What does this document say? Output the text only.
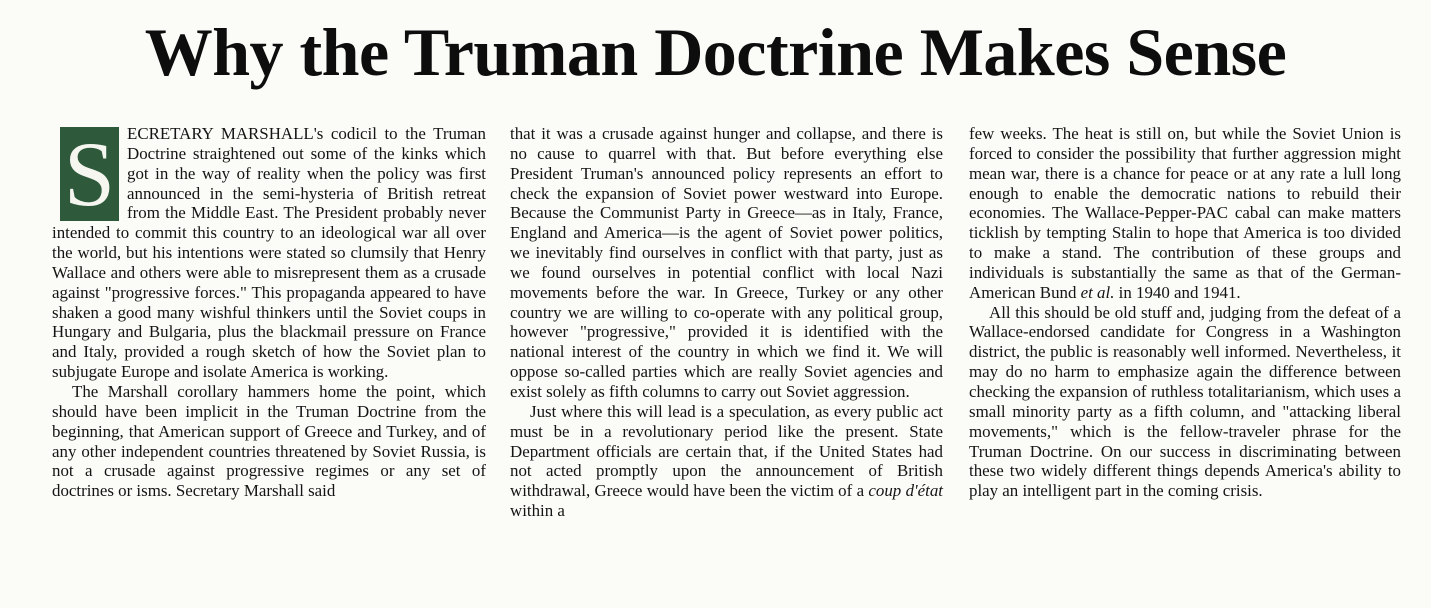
Why the Truman Doctrine Makes Sense

S ECRETARY MARSHALL's codicil to the Truman Doctrine straightened out some of the kinks which got in the way of reality when the policy was first announced in the semi-hysteria of British retreat from the Middle East. The President probably never intended to commit this country to an ideological war all over the world, but his intentions were stated so clumsily that Henry Wallace and others were able to misrepresent them as a crusade against "progressive forces." This propaganda appeared to have shaken a good many wishful thinkers until the Soviet coups in Hungary and Bulgaria, plus the blackmail pressure on France and Italy, provided a rough sketch of how the Soviet plan to subjugate Europe and isolate America is working.

The Marshall corollary hammers home the point, which should have been implicit in the Truman Doctrine from the beginning, that American support of Greece and Turkey, and of any other independent countries threatened by Soviet Russia, is not a crusade against progressive regimes or any set of doctrines or isms. Secretary Marshall said

that it was a crusade against hunger and collapse, and there is no cause to quarrel with that. But before everything else President Truman's announced policy represents an effort to check the expansion of Soviet power westward into Europe. Because the Communist Party in Greece—as in Italy, France, England and America—is the agent of Soviet power politics, we inevitably find ourselves in conflict with that party, just as we found ourselves in potential conflict with local Nazi movements before the war. In Greece, Turkey or any other country we are willing to co-operate with any political group, however "progressive," provided it is identified with the national interest of the country in which we find it. We will oppose so-called parties which are really Soviet agencies and exist solely as fifth columns to carry out Soviet aggression.

Just where this will lead is a speculation, as every public act must be in a revolutionary period like the present. State Department officials are certain that, if the United States had not acted promptly upon the announcement of British withdrawal, Greece would have been the victim of a coup d'état within a

few weeks. The heat is still on, but while the Soviet Union is forced to consider the possibility that further aggression might mean war, there is a chance for peace or at any rate a lull long enough to enable the democratic nations to rebuild their economies. The Wallace-Pepper-PAC cabal can make matters ticklish by tempting Stalin to hope that America is too divided to make a stand. The contribution of these groups and individuals is substantially the same as that of the German-American Bund et al. in 1940 and 1941.

All this should be old stuff and, judging from the defeat of a Wallace-endorsed candidate for Congress in a Washington district, the public is reasonably well informed. Nevertheless, it may do no harm to emphasize again the difference between checking the expansion of ruthless totalitarianism, which uses a small minority party as a fifth column, and "attacking liberal movements," which is the fellow-traveler phrase for the Truman Doctrine. On our success in discriminating between these two widely different things depends America's ability to play an intelligent part in the coming crisis.
